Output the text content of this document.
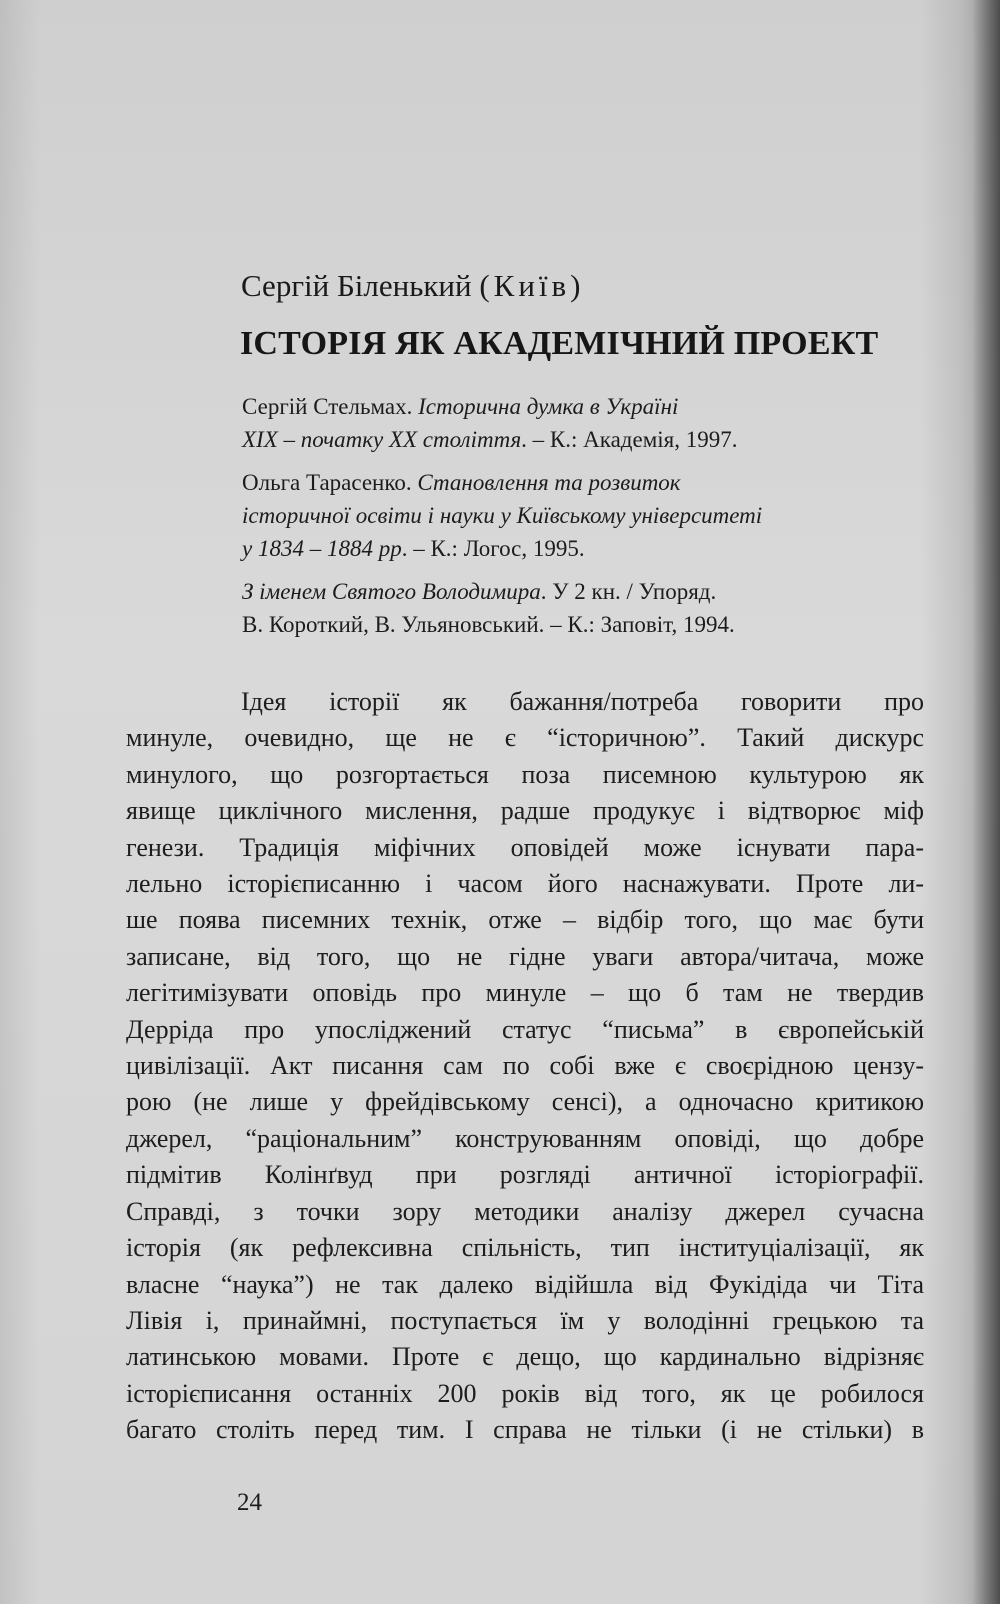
Сергій Біленький (Київ)
ІСТОРІЯ ЯК АКАДЕМІЧНИЙ ПРОЕКТ
Сергій Стельмах. Історична думка в Україні
XIX – початку XX століття. – К.: Академія, 1997.
Ольга Тарасенко. Становлення та розвиток
історичної освіти і науки у Київському університеті
у 1834 – 1884 рр. – К.: Логос, 1995.
З іменем Святого Володимира. У 2 кн. / Упоряд.
В. Короткий, В. Ульяновський. – К.: Заповіт, 1994.
Ідея історії як бажання/потреба говорити про
минуле, очевидно, ще не є “історичною”. Такий дискурс
минулого, що розгортається поза писемною культурою як
явище циклічного мислення, радше продукує і відтворює міф
генези. Традиція міфічних оповідей може існувати пара-
лельно історієписанню і часом його наснажувати. Проте ли-
ше поява писемних технік, отже – відбір того, що має бути
записане, від того, що не гідне уваги автора/читача, може
легітимізувати оповідь про минуле – що б там не твердив
Дерріда про упосліджений статус “письма” в європейській
цивілізації. Акт писання сам по собі вже є своєрідною цензу-
рою (не лише у фрейдівському сенсі), а одночасно критикою
джерел, “раціональним” конструюванням оповіді, що добре
підмітив Колінґвуд при розгляді античної історіографії.
Справді, з точки зору методики аналізу джерел сучасна
історія (як рефлексивна спільність, тип інституціалізації, як
власне “наука”) не так далеко відійшла від Фукідіда чи Тіта
Лівія і, принаймні, поступається їм у володінні грецькою та
латинською мовами. Проте є дещо, що кардинально відрізняє
історієписання останніх 200 років від того, як це робилося
багато століть перед тим. І справа не тільки (і не стільки) в
24
